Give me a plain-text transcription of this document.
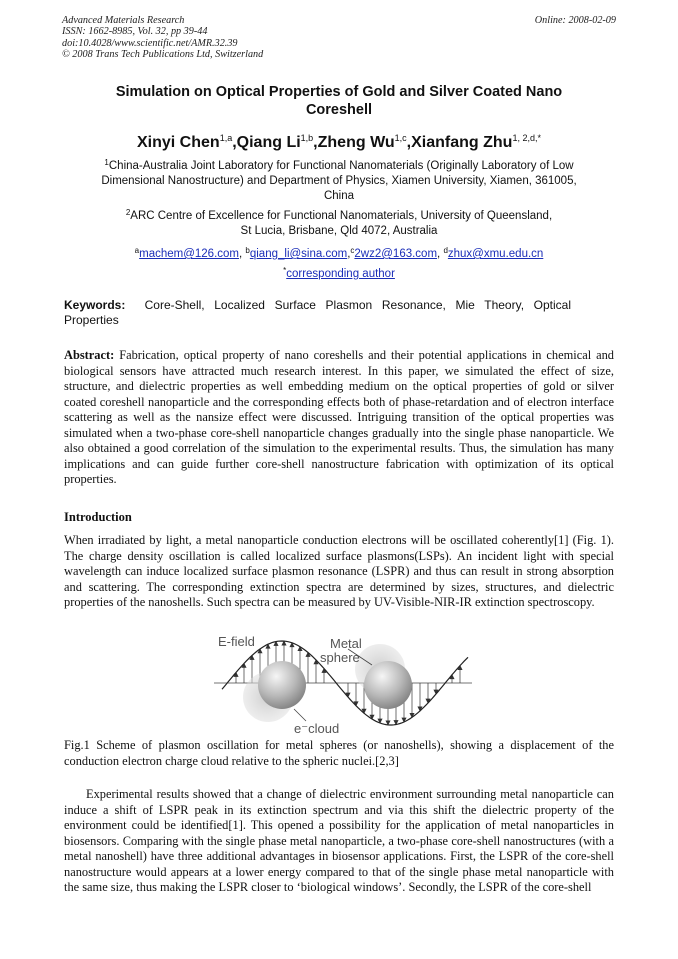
Advanced Materials Research
ISSN: 1662-8985, Vol. 32, pp 39-44
doi:10.4028/www.scientific.net/AMR.32.39
© 2008 Trans Tech Publications Ltd, Switzerland
Online: 2008-02-09
Simulation on Optical Properties of Gold and Silver Coated Nano
Coreshell
Xinyi Chen$^{1,a}$,Qiang Li$^{1,b}$,Zheng Wu$^{1,c}$,Xianfang Zhu$^{1, 2,d,*}$
$^1$China-Australia Joint Laboratory for Functional Nanomaterials (Originally Laboratory of Low
Dimensional Nanostructure) and Department of Physics, Xiamen University, Xiamen, 361005,
China
$^2$ARC Centre of Excellence for Functional Nanomaterials, University of Queensland,
St Lucia, Brisbane, Qld 4072, Australia
$^a$machem@126.com, $^b$qiang_li@sina.com,$^c$2wz2@163.com, $^d$zhux@xmu.edu.cn
*corresponding author
Keywords: Core-Shell, Localized Surface Plasmon Resonance, Mie Theory, Optical Properties
Abstract: Fabrication, optical property of nano coreshells and their potential applications in chemical and biological sensors have attracted much research interest. In this paper, we simulated the effect of size, structure, and dielectric properties as well embedding medium on the optical properties of gold or silver coated coreshell nanoparticle and the corresponding effects both of phase-retardation and of electron interface scattering as well as the nansize effect were discussed. Intriguing transition of the optical properties was simulated when a two-phase core-shell nanoparticle changes gradually into the single phase nanoparticle. We also obtained a good correlation of the simulation to the experimental results. Thus, the simulation has many implications and can guide further core-shell nanostructure fabrication with optimization of its optical properties.
Introduction
When irradiated by light, a metal nanoparticle conduction electrons will be oscillated coherently[1] (Fig. 1). The charge density oscillation is called localized surface plasmons(LSPs). An incident light with special wavelength can induce localized surface plasmon resonance (LSPR) and thus can result in strong absorption and scattering. The corresponding extinction spectra are determined by sizes, structures, and dielectric properties of the nanoshells. Such spectra can be measured by UV-Visible-NIR-IR extinction spectroscopy.
E-field	Metal
sphere
e⁻cloud
Fig.1 Scheme of plasmon oscillation for metal spheres (or nanoshells), showing a displacement of the conduction electron charge cloud relative to the spheric nuclei.[2,3]
Experimental results showed that a change of dielectric environment surrounding metal nanoparticle can induce a shift of LSPR peak in its extinction spectrum and via this shift the dielectric property of the environment could be identified[1]. This opened a possibility for the application of metal nanoparticles in biosensors. Comparing with the single phase metal nanoparticle, a two-phase core-shell nanostructures (with a metal nanoshell) have three additional advantages in biosensor applications. First, the LSPR of the core-shell nanostructure would appears at a lower energy compared to that of the single phase metal nanoparticle with the same size, thus making the LSPR closer to ‘biological windows’. Secondly, the LSPR of the core-shell
